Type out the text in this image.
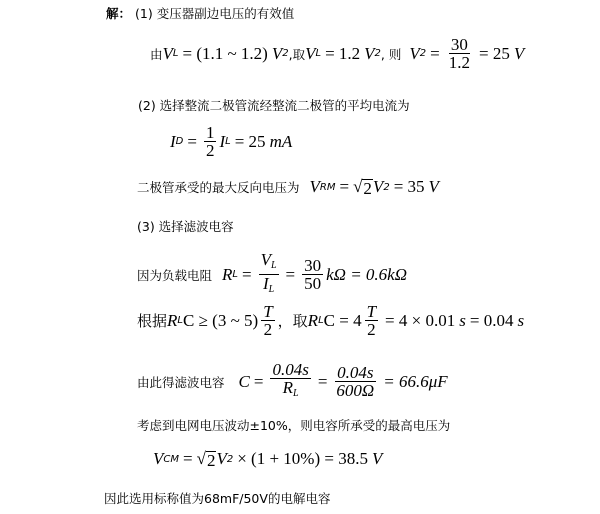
解： (1) 变压器副边电压的有效值
由 V L = (1.1 ~ 1.2) V 2 ,取 V L = 1.2 V 2 , 则 V $2 = \frac{30}{1.2} = 25$ V
(2) 选择整流二极管流经整流二极管的平均电流为
I $D = \frac{1}{2}$ I L = 25 mA
二极管承受的最大反向电压为 V RM = √ 2 V 2 = 35 V
(3) 选择滤波电容
因为负载电阻 R $L = \frac{V_L}{I_L} = \frac{30}{50}$ kΩ = 0.6kΩ
根据 R L C ≥ (3 ~ $5) \frac{T}{2}$ ，取 R L $C = 4 \frac{T}{2} = 4 \times 0.01$ s = 0.04 s
由此得滤波电容 $C = \frac{0.04s}{R_L} = \frac{0.04s}{600\Omega} = 66.6\mu F$
考虑到电网电压波动±10%，则电容所承受的最高电压为
V CM = √ 2 V 2 × (1 + 10%) = 38.5 V
因此选用标称值为68mF/50V的电解电容
